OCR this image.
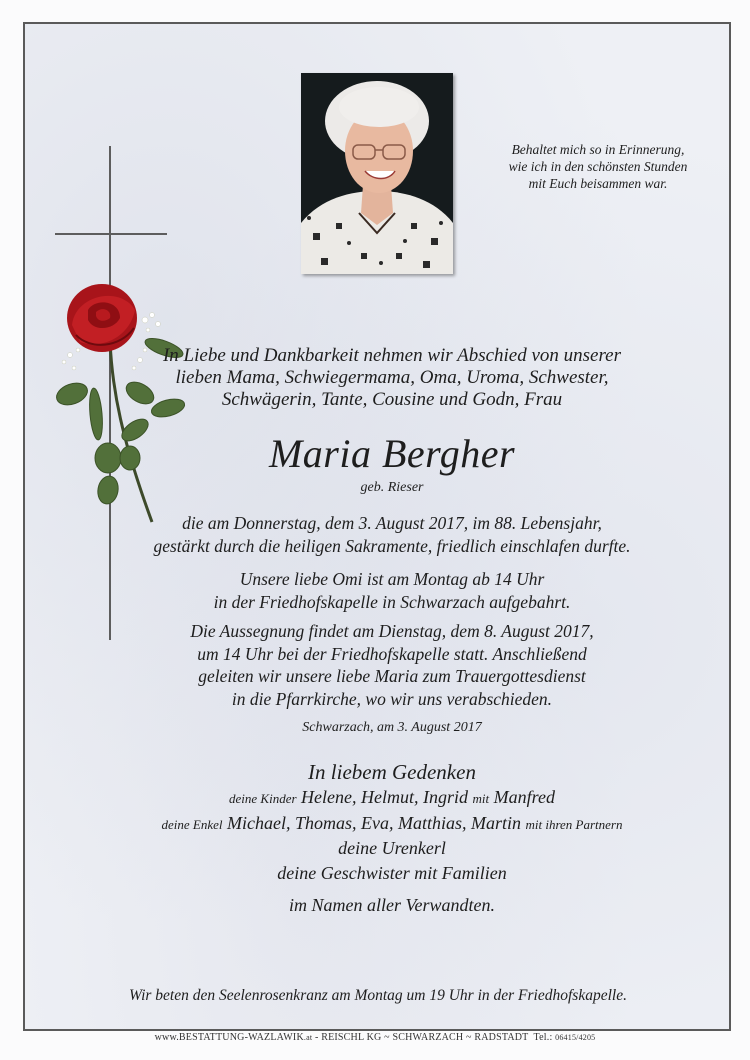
Behaltet mich so in Erinnerung,
wie ich in den schönsten Stunden
mit Euch beisammen war.
In Liebe und Dankbarkeit nehmen wir Abschied von unserer
lieben Mama, Schwiegermama, Oma, Uroma, Schwester,
Schwägerin, Tante, Cousine und Godn, Frau
Maria Bergher
geb. Rieser
die am Donnerstag, dem 3. August 2017, im 88. Lebensjahr,
gestärkt durch die heiligen Sakramente, friedlich einschlafen durfte.
Unsere liebe Omi ist am Montag ab 14 Uhr
in der Friedhofskapelle in Schwarzach aufgebahrt.
Die Aussegnung findet am Dienstag, dem 8. August 2017,
um 14 Uhr bei der Friedhofskapelle statt. Anschließend
geleiten wir unsere liebe Maria zum Trauergottesdienst
in die Pfarrkirche, wo wir uns verabschieden.
Schwarzach, am 3. August 2017
In liebem Gedenken
deine Kinder Helene, Helmut, Ingrid mit Manfred
deine Enkel Michael, Thomas, Eva, Matthias, Martin mit ihren Partnern
deine Urenkerl
deine Geschwister mit Familien
im Namen aller Verwandten.
Wir beten den Seelenrosenkranz am Montag um 19 Uhr in der Friedhofskapelle.
www.BESTATTUNG-WAZLAWIK.at - REISCHL KG ~ SCHWARZACH ~ RADSTADT  Tel.: 06415/4205
